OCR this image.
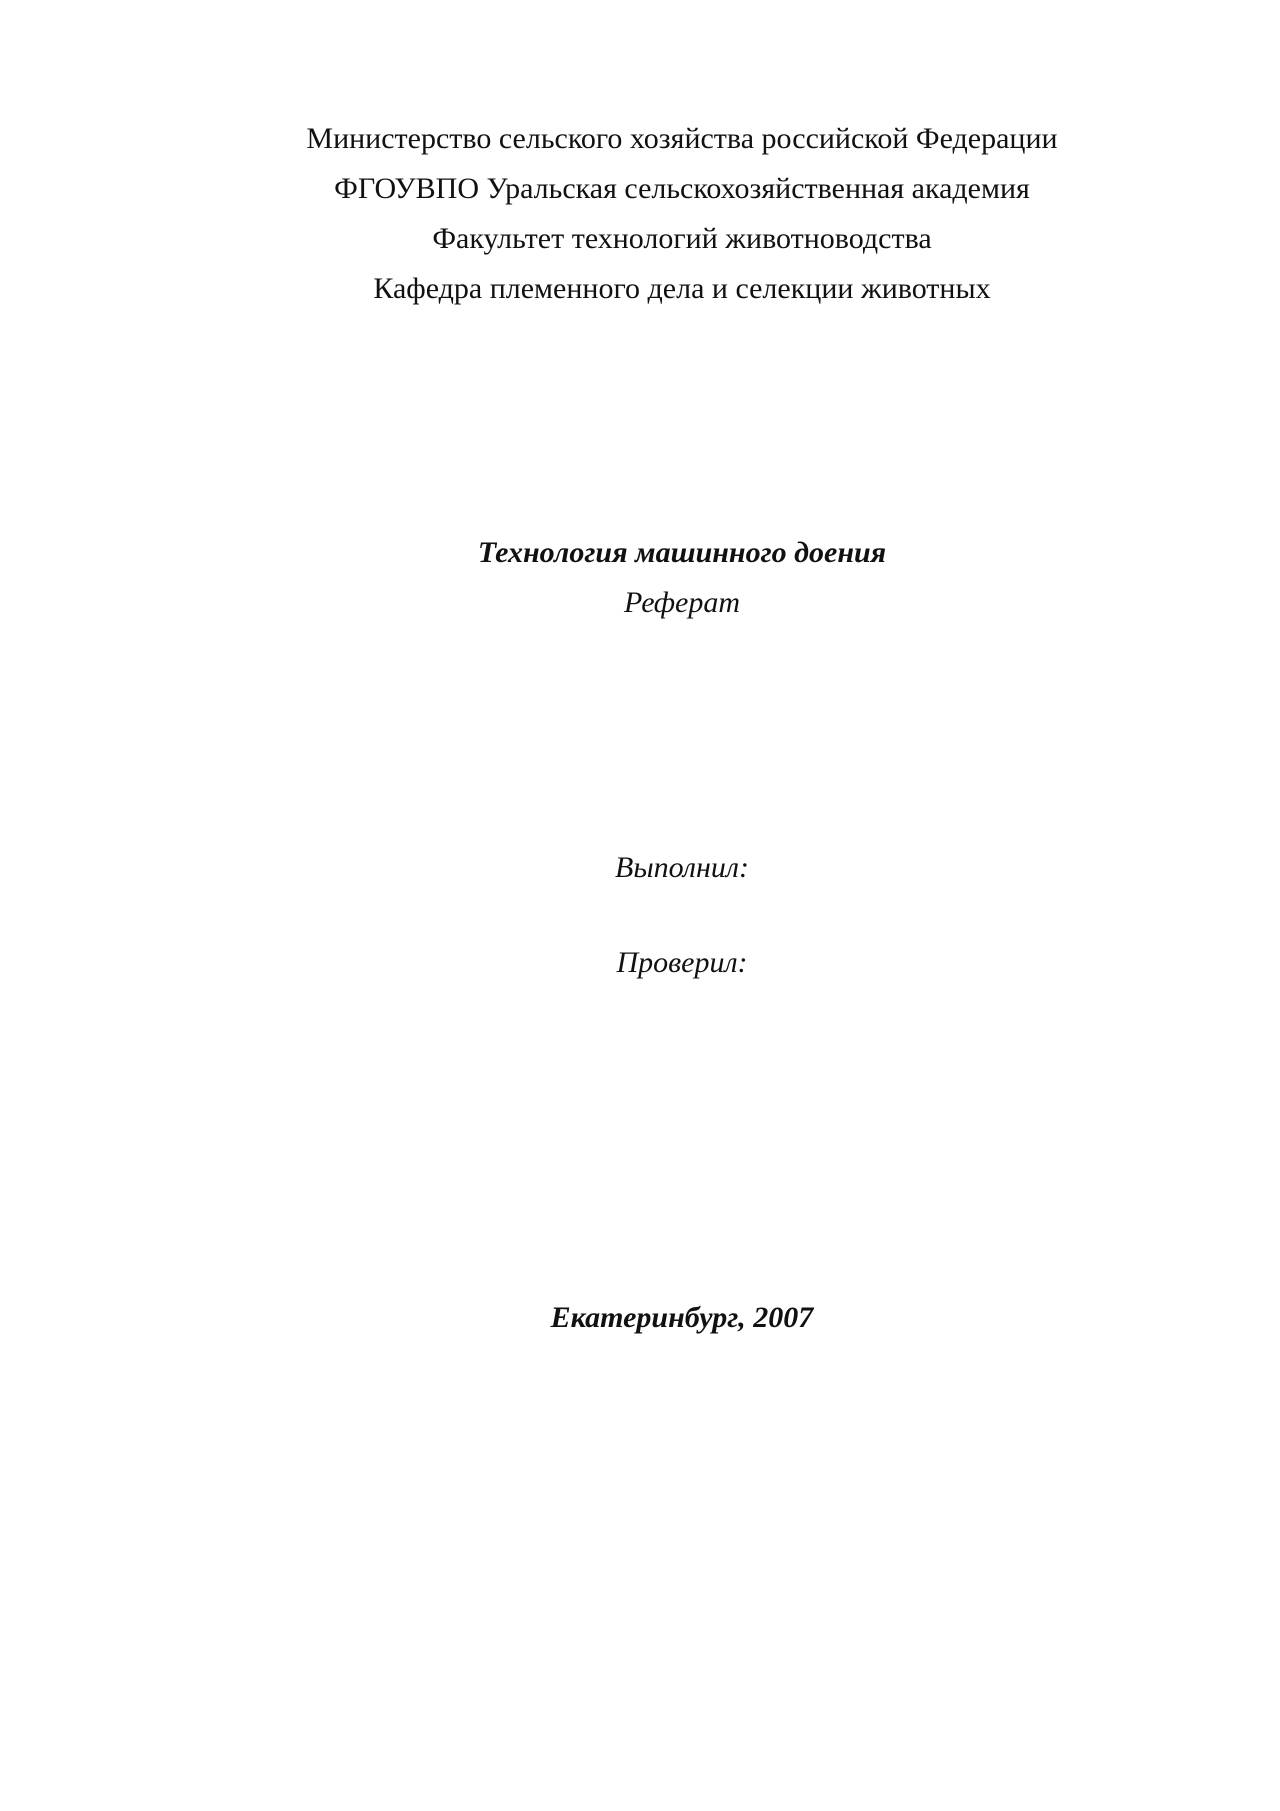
Министерство сельского хозяйства российской Федерации
ФГОУВПО Уральская сельскохозяйственная академия
Факультет технологий животноводства
Кафедра племенного дела и селекции животных
Технология машинного доения
Реферат
Выполнил:
Проверил:
Екатеринбург, 2007
